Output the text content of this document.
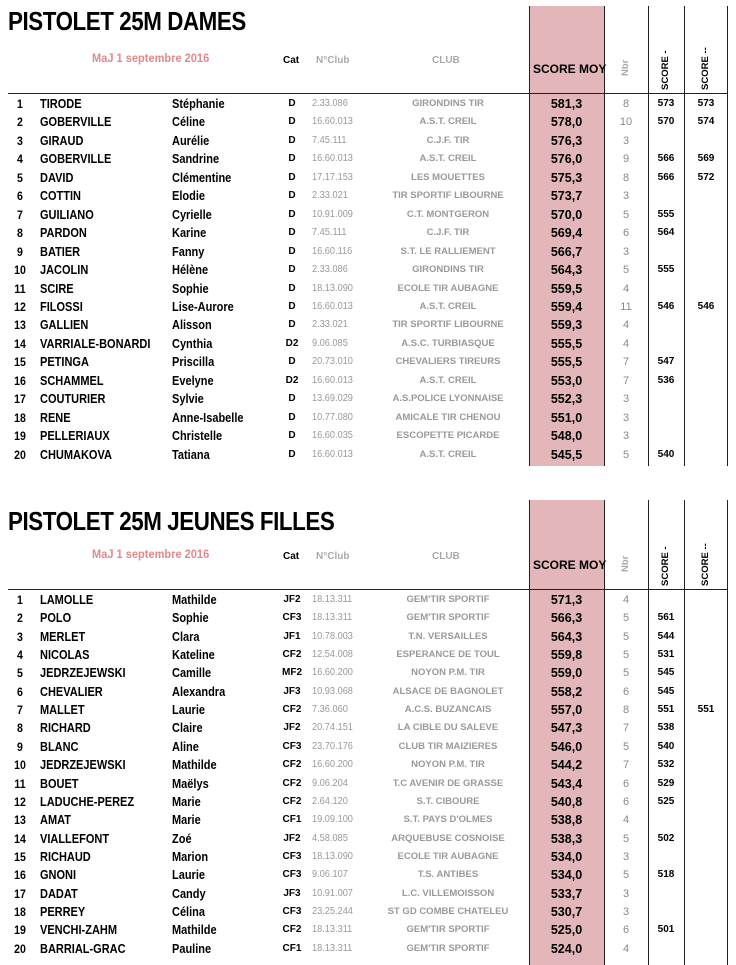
PISTOLET 25M DAMES
MaJ 1 septembre 2016	Cat N°Club	CLUB
SCORE MOY Nbr	SCORE -	SCORE --
1	TIRODE	Stéphanie	D	2.33.086	GIRONDINS TIR	581,3	8	573	573
2	GOBERVILLE	Céline	D	16.60.013	A.S.T. CREIL	578,0	10	570	574
3	GIRAUD	Aurélie	D	7.45.111	C.J.F. TIR	576,3	3
4	GOBERVILLE	Sandrine	D	16.60.013	A.S.T. CREIL	576,0	9	566	569
5	DAVID	Clémentine	D	17.17.153	LES MOUETTES	575,3	8	566	572
6	COTTIN	Elodie	D	2.33.021	TIR SPORTIF LIBOURNE	573,7	3
7	GUILIANO	Cyrielle	D	10.91.009	C.T. MONTGERON	570,0	5	555
8	PARDON	Karine	D	7.45.111	C.J.F. TIR	569,4	6	564
9	BATIER	Fanny	D	16.60.116	S.T. LE RALLIEMENT	566,7	3
10 JACOLIN	Hélène	D	2.33.086	GIRONDINS TIR	564,3	5	555
11 SCIRE	Sophie	D	18.13.090	ECOLE TIR AUBAGNE	559,5	4
12 FILOSSI	Lise-Aurore	D	16.60.013	A.S.T. CREIL	559,4	11	546	546
13 GALLIEN	Alisson	D	2.33.021	TIR SPORTIF LIBOURNE	559,3	4
14 VARRIALE-BONARDI Cynthia	D2	9.06.085	A.S.C. TURBIASQUE	555,5	4
15 PETINGA	Priscilla	D	20.73.010	CHEVALIERS TIREURS	555,5	7	547
16 SCHAMMEL	Evelyne	D2	16.60.013	A.S.T. CREIL	553,0	7	536
17 COUTURIER	Sylvie	D	13.69.029	A.S.POLICE LYONNAISE	552,3	3
18 RENE	Anne-Isabelle	D	10.77.080	AMICALE TIR CHENOU	551,0	3
19 PELLERIAUX	Christelle	D	16.60.035	ESCOPETTE PICARDE	548,0	3
20 CHUMAKOVA	Tatiana	D	16.60.013	A.S.T. CREIL	545,5	5	540
PISTOLET 25M JEUNES FILLES
MaJ 1 septembre 2016	Cat N°Club	CLUB
SCORE MOY Nbr	SCORE -	SCORE --
1	LAMOLLE	Mathilde	JF2	18.13.311	GEM'TIR SPORTIF	571,3	4
2	POLO	Sophie	CF3	18.13.311	GEM'TIR SPORTIF	566,3	5	561
3	MERLET	Clara	JF1	10.78.003	T.N. VERSAILLES	564,3	5	544
4	NICOLAS	Kateline	CF2	12.54.008	ESPERANCE DE TOUL	559,8	5	531
5	JEDRZEJEWSKI	Camille	MF2	16.60.200	NOYON P.M. TIR	559,0	5	545
6	CHEVALIER	Alexandra	JF3	10.93.068	ALSACE DE BAGNOLET	558,2	6	545
7	MALLET	Laurie	CF2	7.36.060	A.C.S. BUZANCAIS	557,0	8	551	551
8	RICHARD	Claire	JF2	20.74.151	LA CIBLE DU SALEVE	547,3	7	538
9	BLANC	Aline	CF3	23.70.176	CLUB TIR MAIZIERES	546,0	5	540
10 JEDRZEJEWSKI	Mathilde	CF2	16.60.200	NOYON P.M. TIR	544,2	7	532
11 BOUET	Maëlys	CF2	9.06.204	T.C AVENIR DE GRASSE	543,4	6	529
12 LADUCHE-PEREZ	Marie	CF2	2.64.120	S.T. CIBOURE	540,8	6	525
13 AMAT	Marie	CF1	19.09.100	S.T. PAYS D'OLMES	538,8	4
14 VIALLEFONT	Zoé	JF2	4.58.085	ARQUEBUSE COSNOISE	538,3	5	502
15 RICHAUD	Marion	CF3	18.13.090	ECOLE TIR AUBAGNE	534,0	3
16 GNONI	Laurie	CF3	9.06.107	T.S. ANTIBES	534,0	5	518
17 DADAT	Candy	JF3	10.91.007	L.C. VILLEMOISSON	533,7	3
18 PERREY	Célina	CF3	23.25.244	ST GD COMBE CHATELEU	530,7	3
19 VENCHI-ZAHM	Mathilde	CF2	18.13.311	GEM'TIR SPORTIF	525,0	6	501
20 BARRIAL-GRAC	Pauline	CF1	18.13.311	GEM'TIR SPORTIF	524,0	4
